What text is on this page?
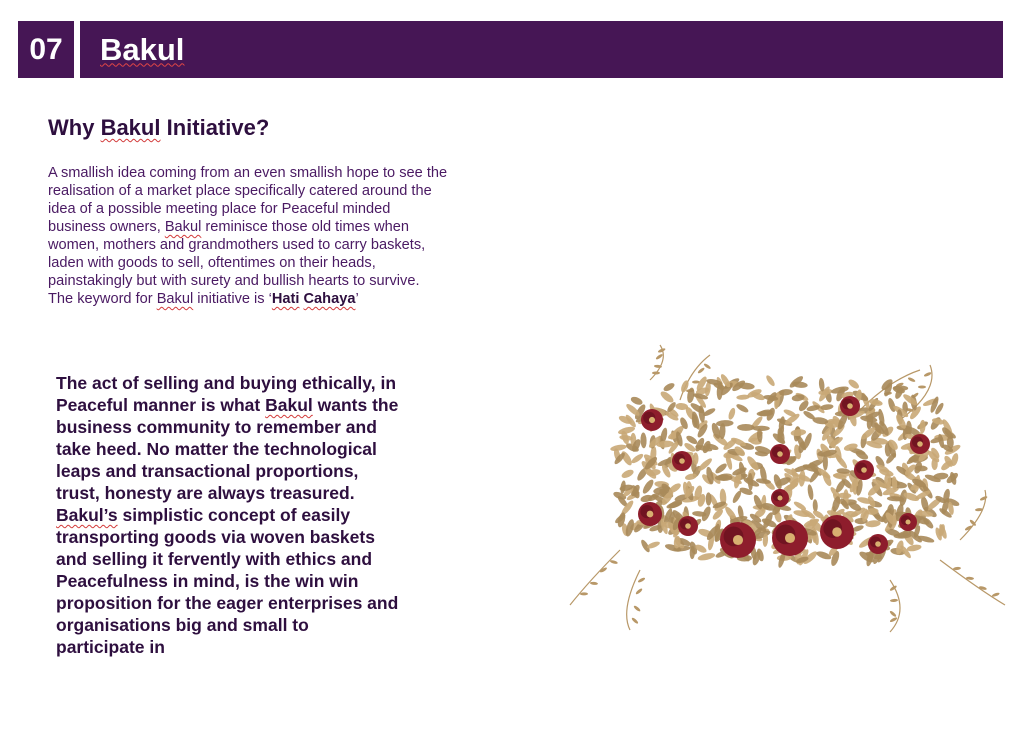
07 Bakul
Why Bakul Initiative?

A smallish idea coming from an even smallish hope to see the realisation of a market place specifically catered around the idea of a possible meeting place for Peaceful minded business owners, Bakul reminisce those old times when women, mothers and grandmothers used to carry baskets, laden with goods to sell, oftentimes on their heads, painstakingly but with surety and bullish hearts to survive. The keyword for Bakul initiative is ‘Hati Cahaya’

The act of selling and buying ethically, in Peaceful manner is what Bakul wants the business community to remember and take heed. No matter the technological leaps and transactional proportions, trust, honesty are always treasured. Bakul’s simplistic concept of easily transporting goods via woven baskets and selling it fervently with ethics and Peacefulness in mind, is the win win proposition for the eager enterprises and organisations big and small to participate in
